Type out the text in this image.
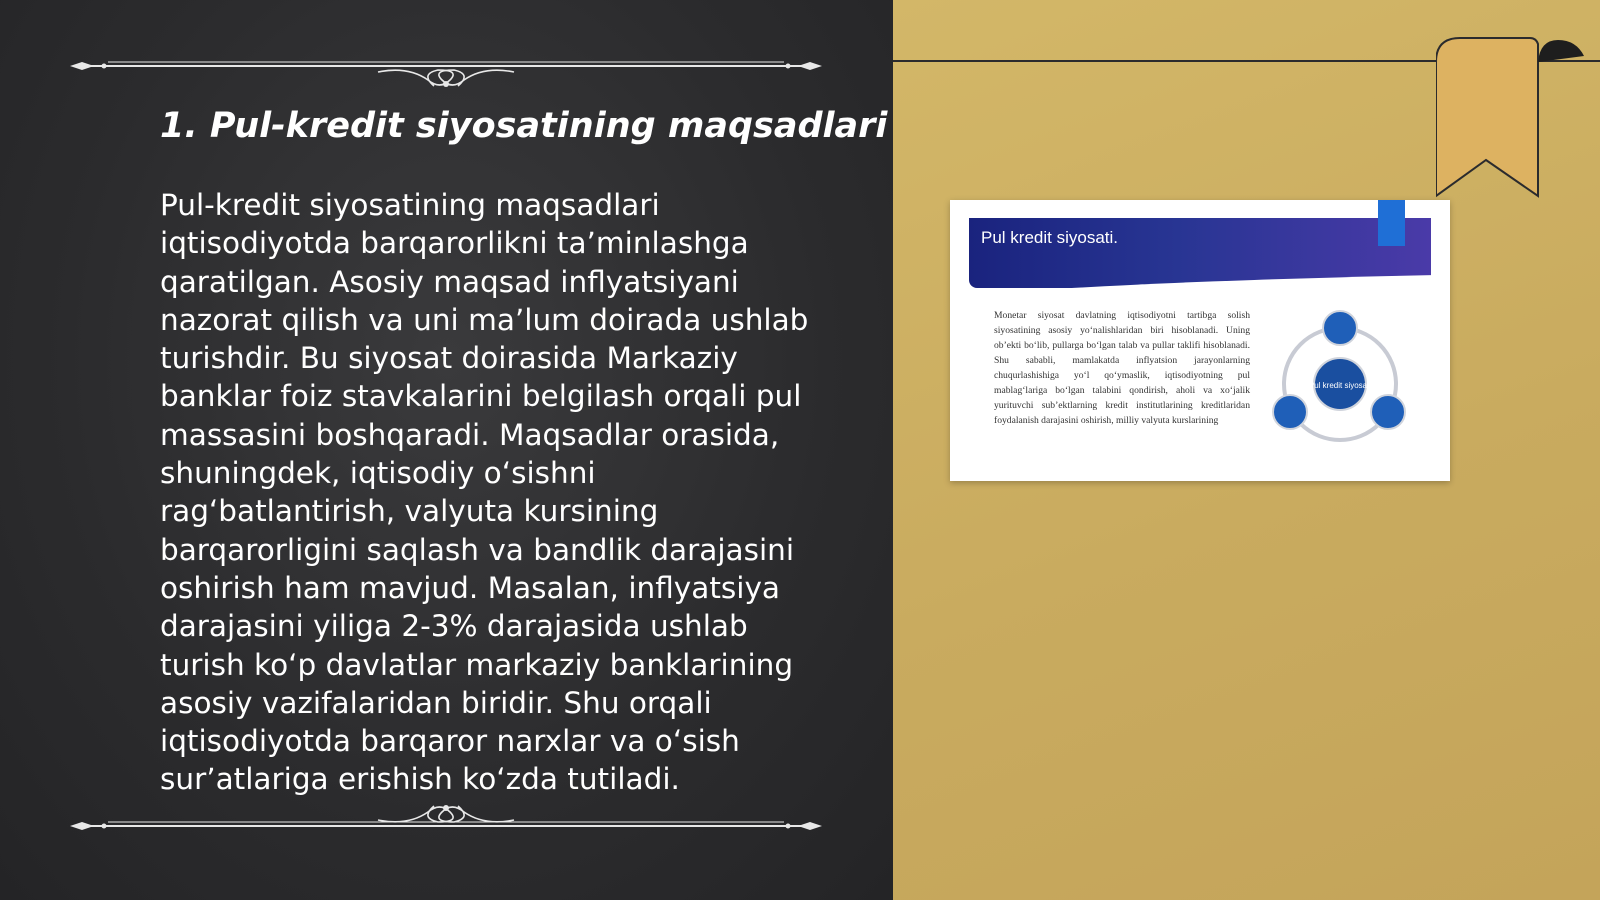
1. Pul-kredit siyosatining maqsadlari

Pul-kredit siyosatining maqsadlari iqtisodiyotda barqarorlikni ta’minlashga qaratilgan. Asosiy maqsad inflyatsiyani nazorat qilish va uni ma’lum doirada ushlab turishdir. Bu siyosat doirasida Markaziy banklar foiz stavkalarini belgilash orqali pul massasini boshqaradi. Maqsadlar orasida, shuningdek, iqtisodiy o‘sishni rag‘batlantirish, valyuta kursining barqarorligini saqlash va bandlik darajasini oshirish ham mavjud. Masalan, inflyatsiya darajasini yiliga 2-3% darajasida ushlab turish ko‘p davlatlar markaziy banklarining asosiy vazifalaridan biridir. Shu orqali iqtisodiyotda barqaror narxlar va o‘sish sur’atlariga erishish ko‘zda tutiladi.

Pul kredit siyosati.
Monetar siyosat davlatning iqtisodiyotni tartibga solish siyosatining asosiy yo‘nalishlaridan biri hisoblanadi. Uning ob’ekti bo‘lib, pullarga bo‘lgan talab va pullar taklifi hisoblanadi. Shu sababli, mamlakatda inflyatsion jarayonlarning chuqurlashishiga yo‘l qo‘ymaslik, iqtisodiyotning pul mablag‘lariga bo‘lgan talabini qondirish, aholi va xo‘jalik yurituvchi sub’ektlarning kredit institutlarining kreditlaridan foydalanish darajasini oshirish, milliy valyuta kurslarining
Pul kredit siyosati
